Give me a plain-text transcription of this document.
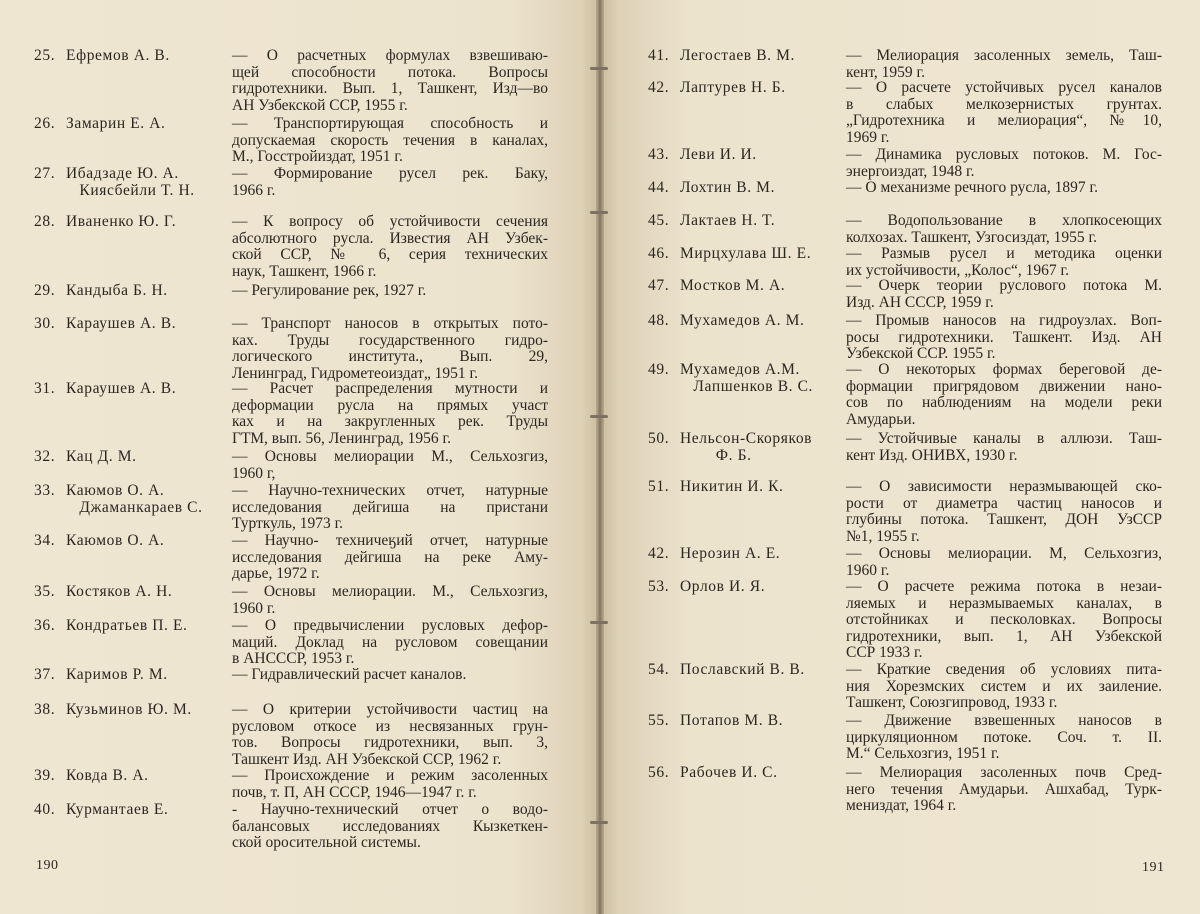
190
25. Ефремов А. В.	— О расчетных формулах взвешиваю-
щей способности потока. Вопросы
гидротехники. Вып. 1, Ташкент, Изд—во
АН Узбекской ССР, 1955 г.
26. Замарин Е. А.	— Транспортирующая способность и
допускаемая скорость течения в каналах,
М., Госстройиздат, 1951 г.
27. Ибадзаде Ю. А.
Киясбейли Т. Н.
— Формирование русел рек. Баку,
1966 г.
28. Иваненко Ю. Г.	— К вопросу об устойчивости сечения
абсолютного русла. Известия АН Узбек-
ской ССР, № 6, серия технических
наук, Ташкент, 1966 г.
29. Кандыба Б. Н.	— Регулирование рек, 1927 г.
30. Караушев А. В.	— Транспорт наносов в открытых пото-
ках. Труды государственного гидро-
логического института., Вып. 29,
Ленинград, Гидрометеоиздат„ 1951 г.
31. Караушев А. В.	— Расчет распределения мутности и
деформации русла на прямых участ
ках и на закругленных рек. Труды
ГТМ, вып. 56, Ленинград, 1956 г.
32. Кац Д. М.	— Основы мелиорации М., Сельхозгиз,
1960 г,
33. Каюмов О. А.
Джаманкараев С.
— Научно-технических отчет, натурные
исследования дейгиша на пристани
Турткуль, 1973 г.
34. Каюмов О. А.	— Научно- техничеӄий отчет, натурные
исследования дейгиша на реке Аму-
дарье, 1972 г.
35. Костяков А. Н.	— Основы мелиорации. М., Сельхозгиз,
1960 г.
36. Кондратьев П. Е.	— О предвычислении русловых дефор-
маций. Доклад на русловом совещании
в АНСССР, 1953 г.
37. Каримов Р. М.	— Гидравлический расчет каналов.
38. Кузьминов Ю. М.	— О критерии устойчивости частиц на
русловом откосе из несвязанных грун-
тов. Вопросы гидротехники, вып. 3,
Ташкент Изд. АН Узбекской ССР, 1962 г.
39. Ковда В. А.	— Происхождение и режим засоленных
почв, т. П, АН СССР, 1946—1947 г. г.
40. Курмантаев Е.	- Научно-технический отчет о водо-
балансовых исследованиях Кызкеткен-
ской оросительной системы.
191
41. Легостаев В. М.	— Мелиорация засоленных земель, Таш-
кент, 1959 г.
42. Лаптурев Н. Б.	— О расчете устойчивых русел каналов
в слабых мелкозернистых грунтах.
„Гидротехника и мелиорация“, №10,
1969 г.
43. Леви И. И.	— Динамика русловых потоков. М. Гос-
энергоиздат, 1948 г.
44. Лохтин В. М.	— О механизме речного русла, 1897 г.
45. Лактаев Н. Т.	— Водопользование в хлопкосеющих
колхозах. Ташкент, Узгосиздат, 1955 г.
46. Мирцхулава Ш. Е. — Размыв русел и методика оценки
их устойчивости, „Колос“, 1967 г.
47. Мостков М. А.	— Очерк теории руслового потока М.
Изд. АН СССР, 1959 г.
48. Мухамедов А. М.	— Промыв наносов на гидроузлах. Воп-
росы гидротехники. Ташкент. Изд. АН
Узбекской ССР. 1955 г.
49. Мухамедов А.М.
Лапшенков В. С.
— О некоторых формах береговой де-
формации пригрядовом движении нано-
сов по наблюдениям на модели реки
Амударьи.
50. Нельсон-Скоряков
Ф. Б.
— Устойчивые каналы в аллюзи. Таш-
кент Изд. ОНИВХ, 1930 г.
51. Никитин И. К.	— О зависимости неразмывающей ско-
рости от диаметра частиц наносов и
глубины потока. Ташкент, ДОН УзССР
№1, 1955 г.
42. Нерозин А. Е.	— Основы мелиорации. М, Сельхозгиз,
1960 г.
53. Орлов И. Я.	— О расчете режима потока в незаи-
ляемых и неразмываемых каналах, в
отстойниках и песколовках. Вопросы
гидротехники, вып. 1, АН Узбекской
ССР 1933 г.
54. Пославский В. В.	— Краткие сведения об условиях пита-
ния Хорезмских систем и их заиление.
Ташкент, Союзгипровод, 1933 г.
55. Потапов М. В.	— Движение взвешенных наносов в
циркуляционном потоке. Соч. т. II.
М.“ Сельхозгиз, 1951 г.
56. Рабочев И. С.	— Мелиорация засоленных почв Сред-
него течения Амударьи. Ашхабад, Турк-
мениздат, 1964 г.
